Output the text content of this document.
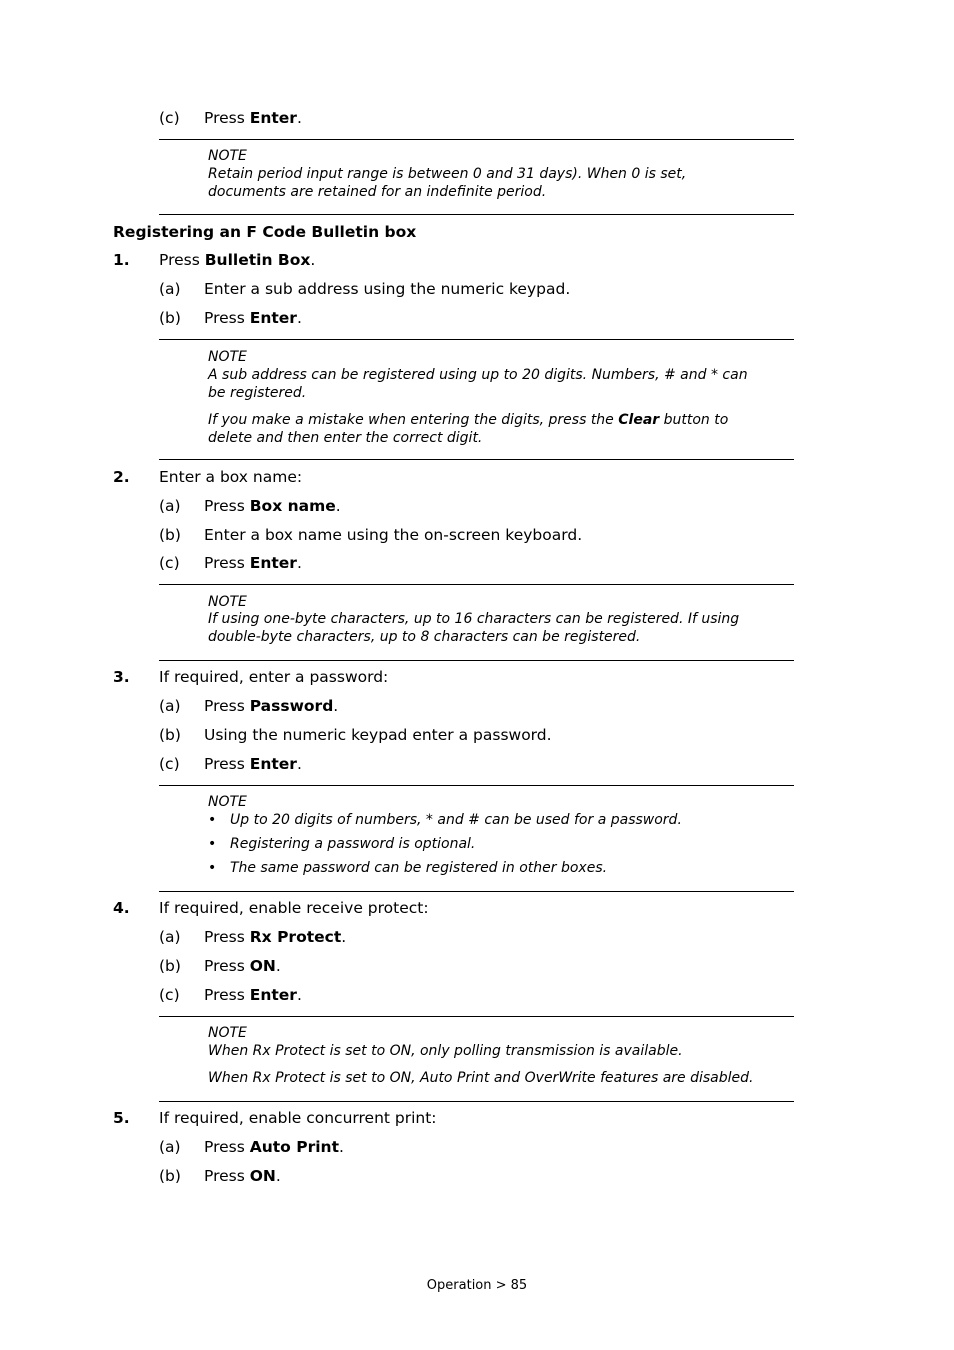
(c) Press Enter.

NOTE

Retain period input range is between 0 and 31 days). When 0 is set,

documents are retained for an indefinite period.

Registering an F Code Bulletin box
1. Press Bulletin Box.
(a) Enter a sub address using the numeric keypad.
(b) Press Enter.

NOTE

A sub address can be registered using up to 20 digits. Numbers, # and * can

be registered.

If you make a mistake when entering the digits, press the Clear button to

delete and then enter the correct digit.

2. Enter a box name:
(a) Press Box name.
(b) Enter a box name using the on-screen keyboard.
(c) Press Enter.

NOTE

If using one-byte characters, up to 16 characters can be registered. If using

double-byte characters, up to 8 characters can be registered.

3. If required, enter a password:
(a) Press Password.
(b) Using the numeric keypad enter a password.
(c) Press Enter.

NOTE

• Up to 20 digits of numbers, * and # can be used for a password.
• Registering a password is optional.
• The same password can be registered in other boxes.
4. If required, enable receive protect:
(a) Press Rx Protect.
(b) Press ON.
(c) Press Enter.

NOTE

When Rx Protect is set to ON, only polling transmission is available.

When Rx Protect is set to ON, Auto Print and OverWrite features are disabled.

5. If required, enable concurrent print:
(a) Press Auto Print.
(b) Press ON.
Operation > 85
